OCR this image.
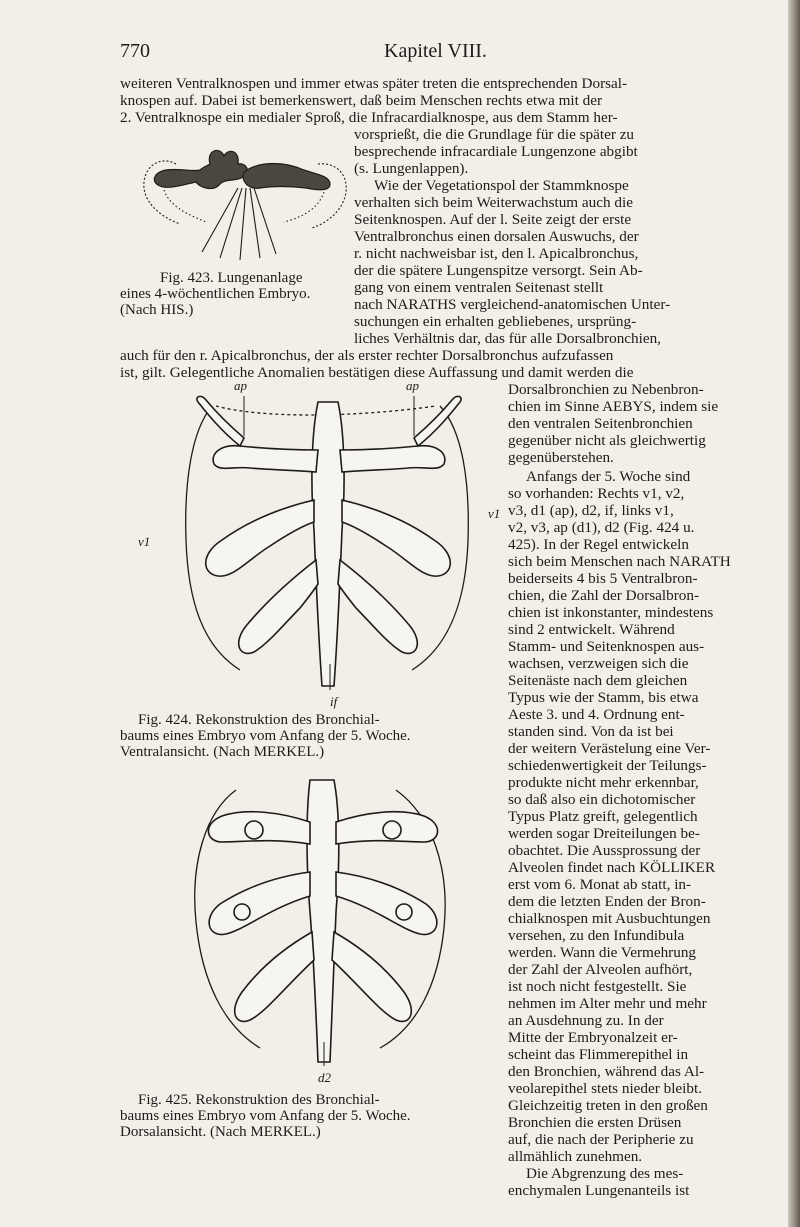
770	Kapitel VIII.
weiteren Ventralknospen und immer etwas später treten die entsprechenden Dorsal-
knospen auf. Dabei ist bemerkenswert, daß beim Menschen rechts etwa mit der
2. Ventralknospe ein medialer Sproß, die Infracardialknospe, aus dem Stamm her-
vorsprießt, die die Grundlage für die später zu
besprechende infracardiale Lungenzone abgibt
(s. Lungenlappen).
Wie der Vegetationspol der Stammknospe
verhalten sich beim Weiterwachstum auch die
Seitenknospen. Auf der l. Seite zeigt der erste
Ventralbronchus einen dorsalen Auswuchs, der
r. nicht nachweisbar ist, den l. Apicalbronchus,
der die spätere Lungenspitze versorgt. Sein Ab-
gang von einem ventralen Seitenast stellt
nach NARATHS vergleichend-anatomischen Unter-
suchungen ein erhalten gebliebenes, ursprüng-
liches Verhältnis dar, das für alle Dorsalbronchien,
auch für den r. Apicalbronchus, der als erster rechter Dorsalbronchus aufzufassen
ist, gilt. Gelegentliche Anomalien bestätigen diese Auffassung und damit werden die
Dorsalbronchien zu Nebenbron-
chien im Sinne AEBYS, indem sie
den ventralen Seitenbronchien
gegenüber nicht als gleichwertig
gegenüberstehen.
Anfangs der 5. Woche sind
so vorhanden: Rechts v1, v2,
v3, d1 (ap), d2, if, links v1,
v2, v3, ap (d1), d2 (Fig. 424 u.
425). In der Regel entwickeln
sich beim Menschen nach NARATH
beiderseits 4 bis 5 Ventralbron-
chien, die Zahl der Dorsalbron-
chien ist inkonstanter, mindestens
sind 2 entwickelt. Während
Stamm- und Seitenknospen aus-
wachsen, verzweigen sich die
Seitenäste nach dem gleichen
Typus wie der Stamm, bis etwa
Aeste 3. und 4. Ordnung ent-
standen sind. Von da ist bei
der weitern Verästelung eine Ver-
schiedenwertigkeit der Teilungs-
produkte nicht mehr erkennbar,
so daß also ein dichotomischer
Typus Platz greift, gelegentlich
werden sogar Dreiteilungen be-
obachtet. Die Aussprossung der
Alveolen findet nach KÖLLIKER
erst vom 6. Monat ab statt, in-
dem die letzten Enden der Bron-
chialknospen mit Ausbuchtungen
versehen, zu den Infundibula
werden. Wann die Vermehrung
der Zahl der Alveolen aufhört,
ist noch nicht festgestellt. Sie
nehmen im Alter mehr und mehr
an Ausdehnung zu. In der
Mitte der Embryonalzeit er-
scheint das Flimmerepithel in
den Bronchien, während das Al-
veolarepithel stets nieder bleibt.
Gleichzeitig treten in den großen
Bronchien die ersten Drüsen
auf, die nach der Peripherie zu
allmählich zunehmen.
Die Abgrenzung des mes-
enchymalen Lungenanteils ist
Fig. 423. Lungenanlage
eines 4-wöchentlichen Embryo.
(Nach HIS.)
ap	ap
v1
v1
if
Fig. 424. Rekonstruktion des Bronchial-
baums eines Embryo vom Anfang der 5. Woche.
Ventralansicht. (Nach MERKEL.)
d2
Fig. 425. Rekonstruktion des Bronchial-
baums eines Embryo vom Anfang der 5. Woche.
Dorsalansicht. (Nach MERKEL.)
